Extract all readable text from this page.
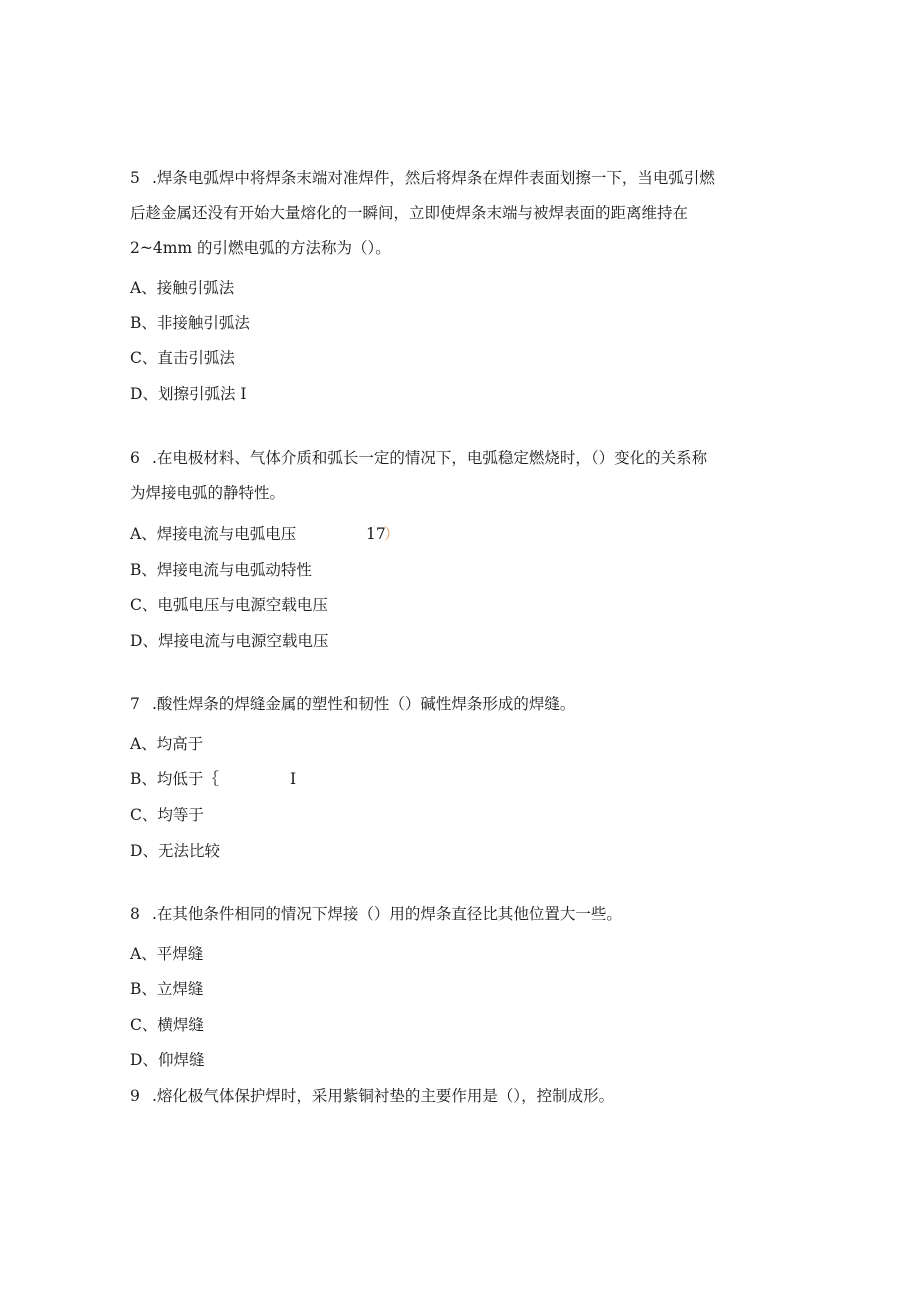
5 .焊条电弧焊中将焊条末端对准焊件，然后将焊条在焊件表面划擦一下，当电弧引燃
后趁金属还没有开始大量熔化的一瞬间，立即使焊条末端与被焊表面的距离维持在
2~4mm 的引燃电弧的方法称为（）。
A、接触引弧法
B、非接触引弧法
C、直击引弧法
D、划擦引弧法 I
6 .在电极材料、气体介质和弧长一定的情况下，电弧稳定燃烧时，（）变化的关系称
为焊接电弧的静特性。
A、焊接电流与电弧电压	17
）
B、焊接电流与电弧动特性
C、电弧电压与电源空载电压
D、焊接电流与电源空载电压
7 .酸性焊条的焊缝金属的塑性和韧性（）碱性焊条形成的焊缝。
A、均高于
B、均低于｛	I
C、均等于
D、无法比较
8 .在其他条件相同的情况下焊接（）用的焊条直径比其他位置大一些。
A、平焊缝
B、立焊缝
C、横焊缝
D、仰焊缝
9 .熔化极气体保护焊时，采用紫铜衬垫的主要作用是（），控制成形。
